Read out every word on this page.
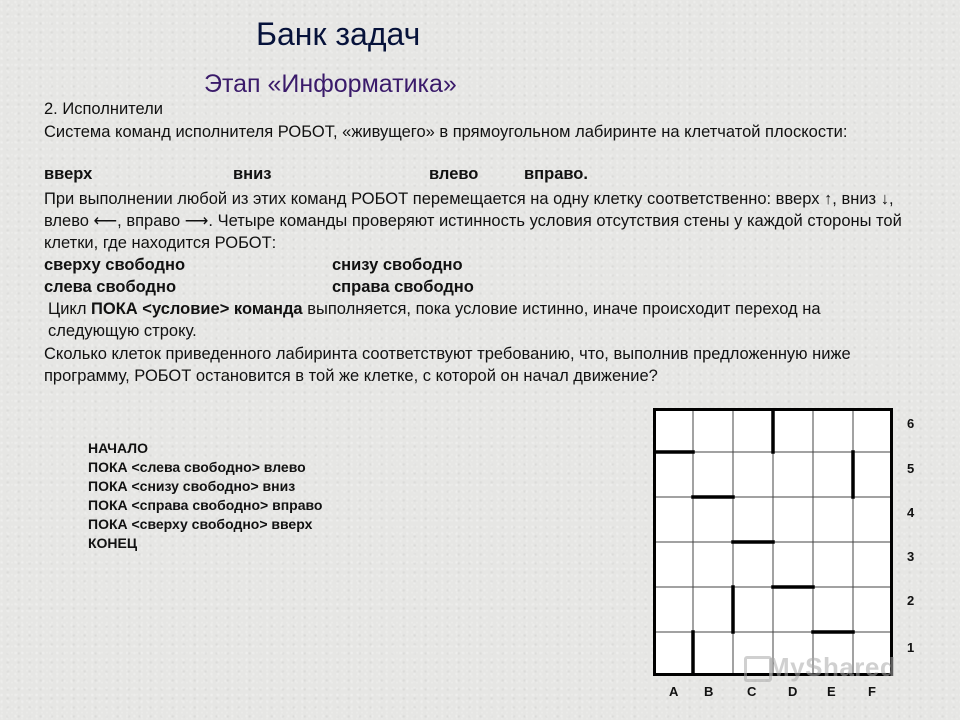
Банк задач
Этап «Информатика»

2. Исполнители

Система команд исполнителя РОБОТ, «живущего» в прямоугольном лабиринте на клетчатой плоскости:

вверх	вниз	влево	вправо.

При выполнении любой из этих команд РОБОТ перемещается на одну клетку соответственно: вверх ↑, вниз ↓, влево ⟵, вправо ⟶. Четыре команды проверяют истинность условия отсутствия стены у каждой стороны той клетки, где находится РОБОТ:

сверху свободно	снизу свободно
слева свободно	справа свободно

Цикл ПОКА <условие> команда выполняется, пока условие истинно, иначе происходит переход на следующую строку.

Сколько клеток приведенного лабиринта соответствуют требованию, что, выполнив предложенную ниже программу, РОБОТ остановится в той же клетке, с которой он начал движение?

НАЧАЛО
ПОКА <слева свободно> влево
ПОКА <снизу свободно> вниз
ПОКА <справа свободно> вправо
ПОКА <сверху свободно> вверх
КОНЕЦ
6
5
4
3
2
1
A B	C D E F
MyShared
